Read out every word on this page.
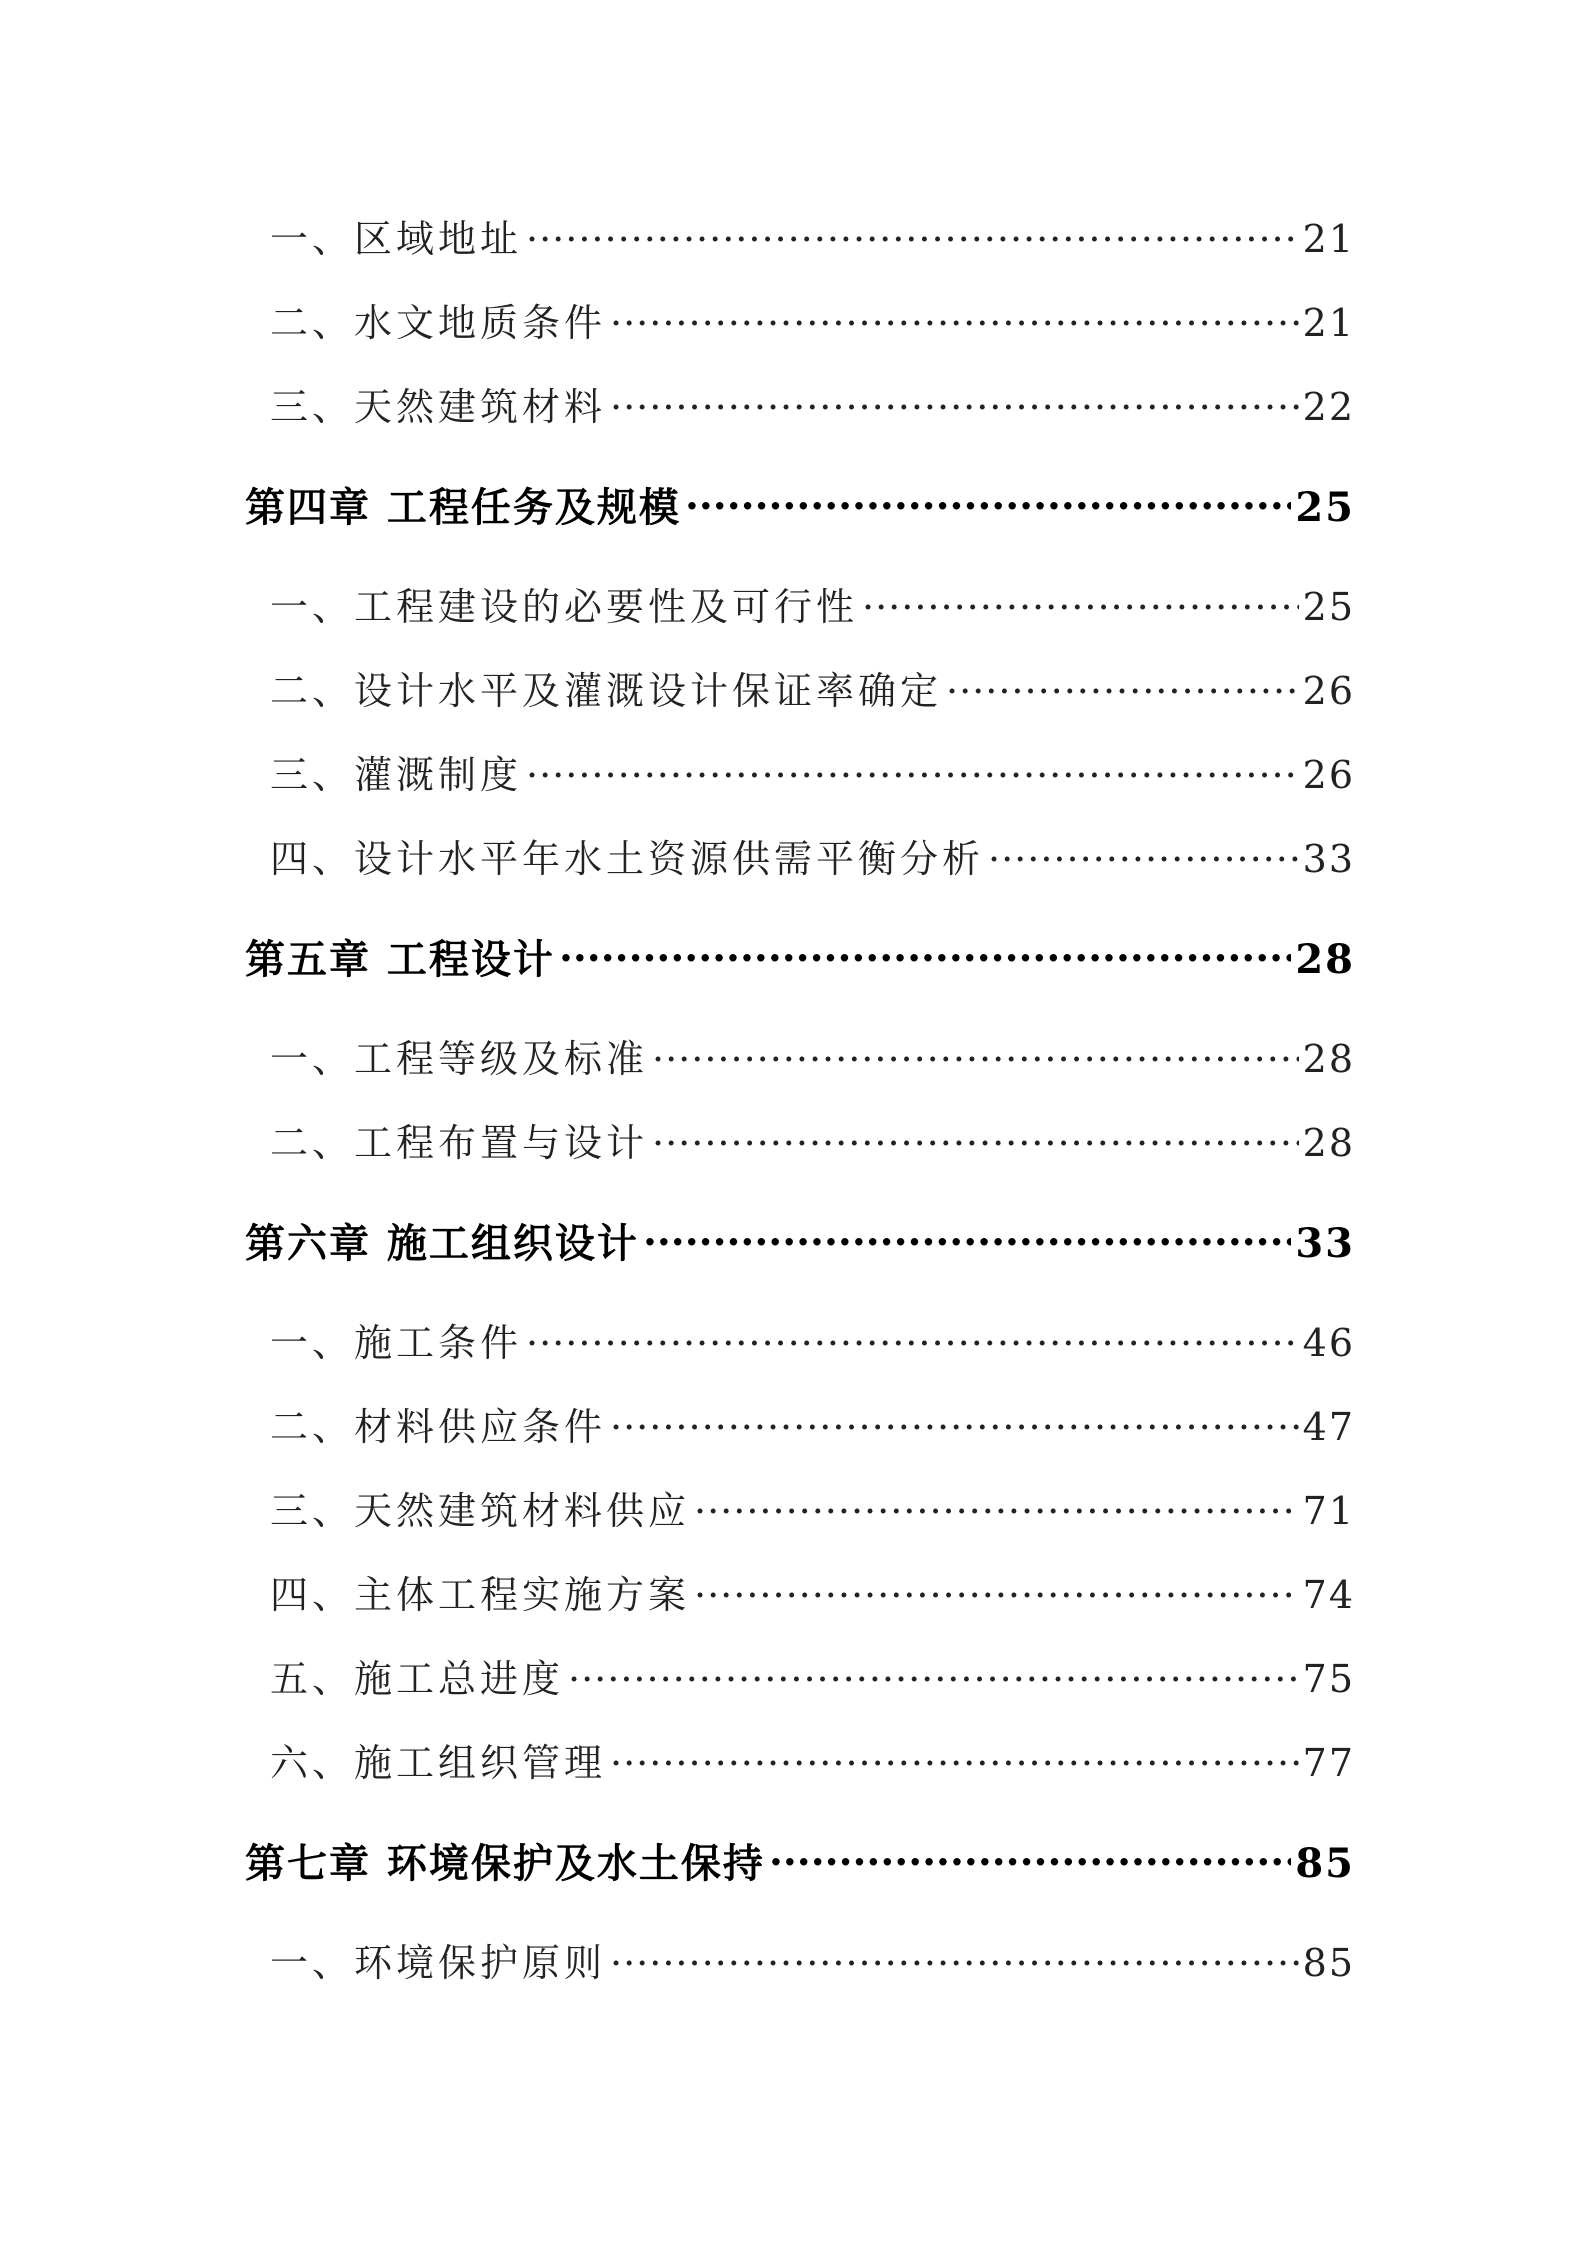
一、区域地址 .....	21
二、水文地质条件 .....	21
三、天然建筑材料 .....	22
第四章 工程任务及规模 .....	25
一、工程建设的必要性及可行性 .....	25
二、设计水平及灌溉设计保证率确定 .....	26
三、灌溉制度 .....	26
四、设计水平年水土资源供需平衡分析 .....	33
第五章 工程设计 .....	28
一、工程等级及标准 .....	28
二、工程布置与设计 .....	28
第六章 施工组织设计 .....	33
一、施工条件 .....	46
二、材料供应条件 .....	47
三、天然建筑材料供应 .....	71
四、主体工程实施方案 .....	74
五、施工总进度 .....	75
六、施工组织管理 .....	77
第七章 环境保护及水土保持 .....	85
一、环境保护原则 .....	85
